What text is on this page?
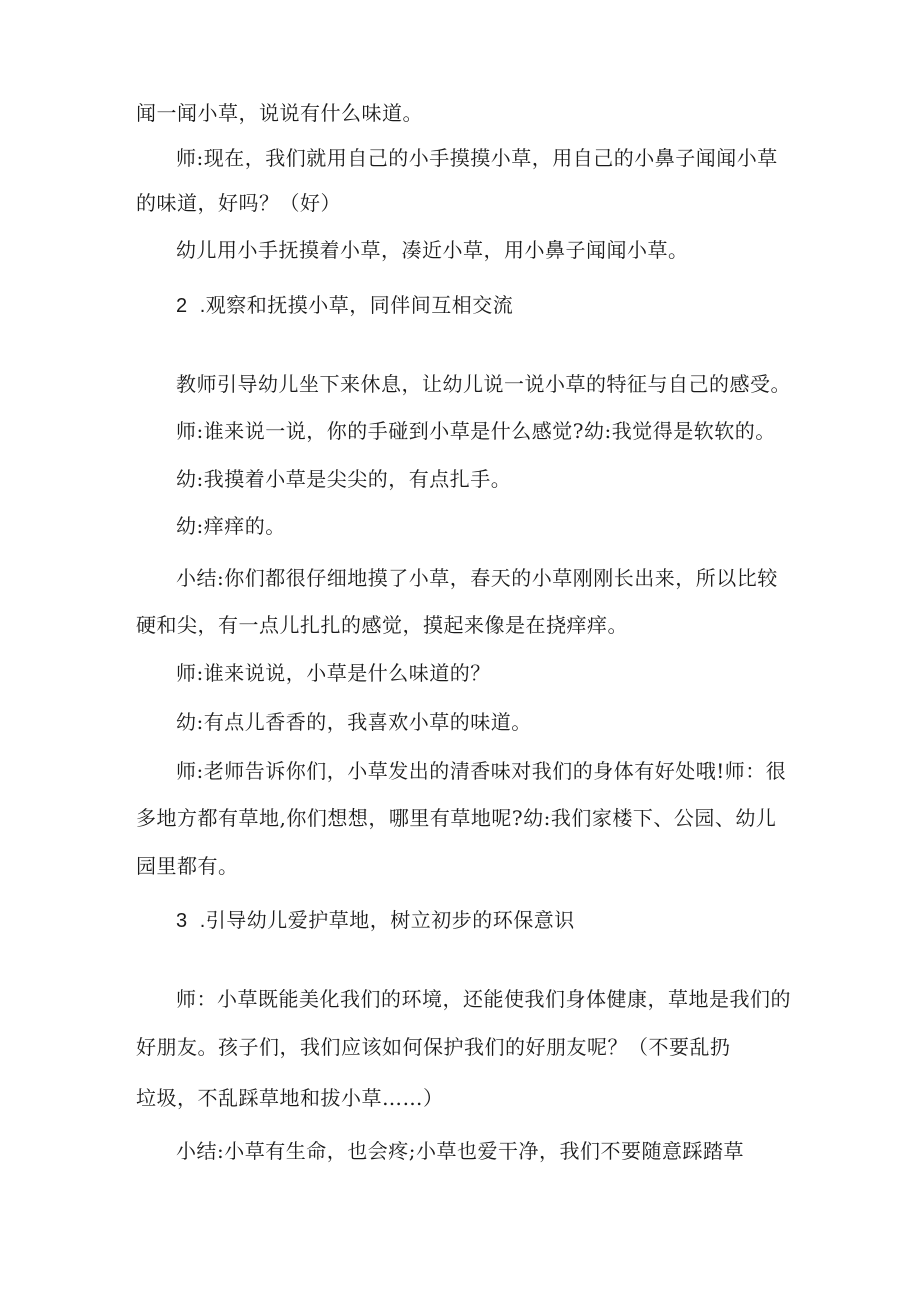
闻一闻小草，说说有什么味道。
师:现在，我们就用自己的小手摸摸小草，用自己的小鼻子闻闻小草
的味道，好吗？（好）
幼儿用小手抚摸着小草，凑近小草，用小鼻子闻闻小草。
2  .观察和抚摸小草，同伴间互相交流
教师引导幼儿坐下来休息，让幼儿说一说小草的特征与自己的感受。
师:谁来说一说，你的手碰到小草是什么感觉?幼:我觉得是软软的。
幼:我摸着小草是尖尖的，有点扎手。
幼:痒痒的。
小结:你们都很仔细地摸了小草，春天的小草刚刚长出来，所以比较
硬和尖，有一点儿扎扎的感觉，摸起来像是在挠痒痒。
师:谁来说说，小草是什么味道的？
幼:有点儿香香的，我喜欢小草的味道。
师:老师告诉你们，小草发出的清香味对我们的身体有好处哦!师：很
多地方都有草地,你们想想，哪里有草地呢?幼:我们家楼下、公园、幼儿
园里都有。
3  .引导幼儿爱护草地，树立初步的环保意识
师：小草既能美化我们的环境，还能使我们身体健康，草地是我们的
好朋友。孩子们，我们应该如何保护我们的好朋友呢？（不要乱扔
垃圾，不乱踩草地和拔小草……）
小结:小草有生命，也会疼;小草也爱干净，我们不要随意踩踏草
